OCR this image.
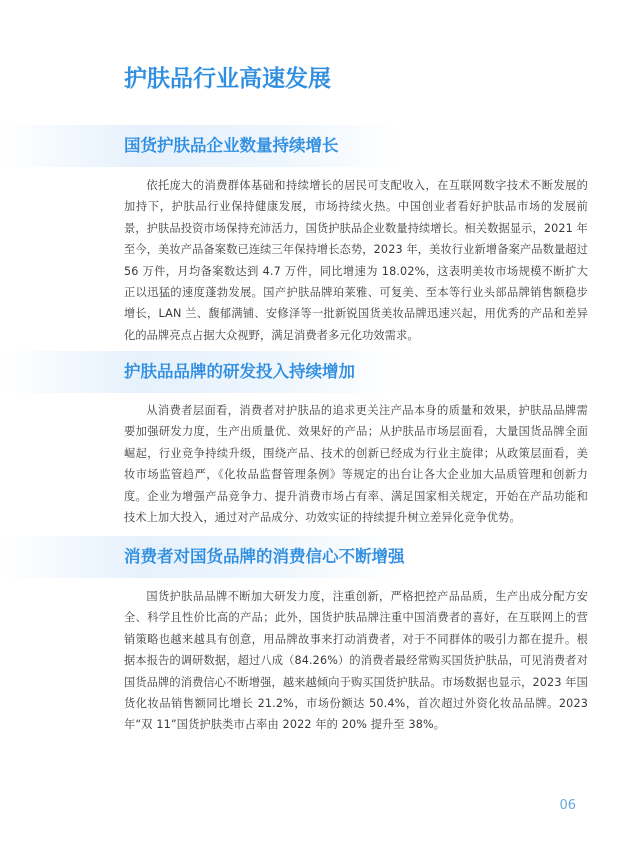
护肤品行业高速发展
国货护肤品企业数量持续增长

依托庞大的消费群体基础和持续增长的居民可支配收入，在互联网数字技术不断发展的加持下，护肤品行业保持健康发展，市场持续火热。中国创业者看好护肤品市场的发展前景，护肤品投资市场保持充沛活力，国货护肤品企业数量持续增长。相关数据显示，2021 年至今，美妆产品备案数已连续三年保持增长态势，2023 年，美妆行业新增备案产品数量超过 56 万件，月均备案数达到 4.7 万件，同比增速为 18.02%，这表明美妆市场规模不断扩大正以迅猛的速度蓬勃发展。国产护肤品牌珀莱雅、可复美、至本等行业头部品牌销售额稳步增长，LAN 兰、馥郁满铺、安修泽等一批新锐国货美妆品牌迅速兴起，用优秀的产品和差异化的品牌亮点占据大众视野，满足消费者多元化功效需求。

护肤品品牌的研发投入持续增加

从消费者层面看，消费者对护肤品的追求更关注产品本身的质量和效果，护肤品品牌需要加强研发力度，生产出质量优、效果好的产品；从护肤品市场层面看，大量国货品牌全面崛起，行业竞争持续升级，围绕产品、技术的创新已经成为行业主旋律；从政策层面看，美妆市场监管趋严，《化妆品监督管理条例》等规定的出台让各大企业加大品质管理和创新力度。企业为增强产品竞争力、提升消费市场占有率、满足国家相关规定，开始在产品功能和技术上加大投入，通过对产品成分、功效实证的持续提升树立差异化竞争优势。

消费者对国货品牌的消费信心不断增强

国货护肤品品牌不断加大研发力度，注重创新，严格把控产品品质，生产出成分配方安全、科学且性价比高的产品；此外，国货护肤品牌注重中国消费者的喜好，在互联网上的营销策略也越来越具有创意，用品牌故事来打动消费者，对于不同群体的吸引力都在提升。根据本报告的调研数据，超过八成（84.26%）的消费者最经常购买国货护肤品，可见消费者对国货品牌的消费信心不断增强，越来越倾向于购买国货护肤品。市场数据也显示，2023 年国货化妆品销售额同比增长 21.2%，市场份额达 50.4%，首次超过外资化妆品品牌。2023 年“双 11”国货护肤类市占率由 2022 年的 20% 提升至 38%。

06
